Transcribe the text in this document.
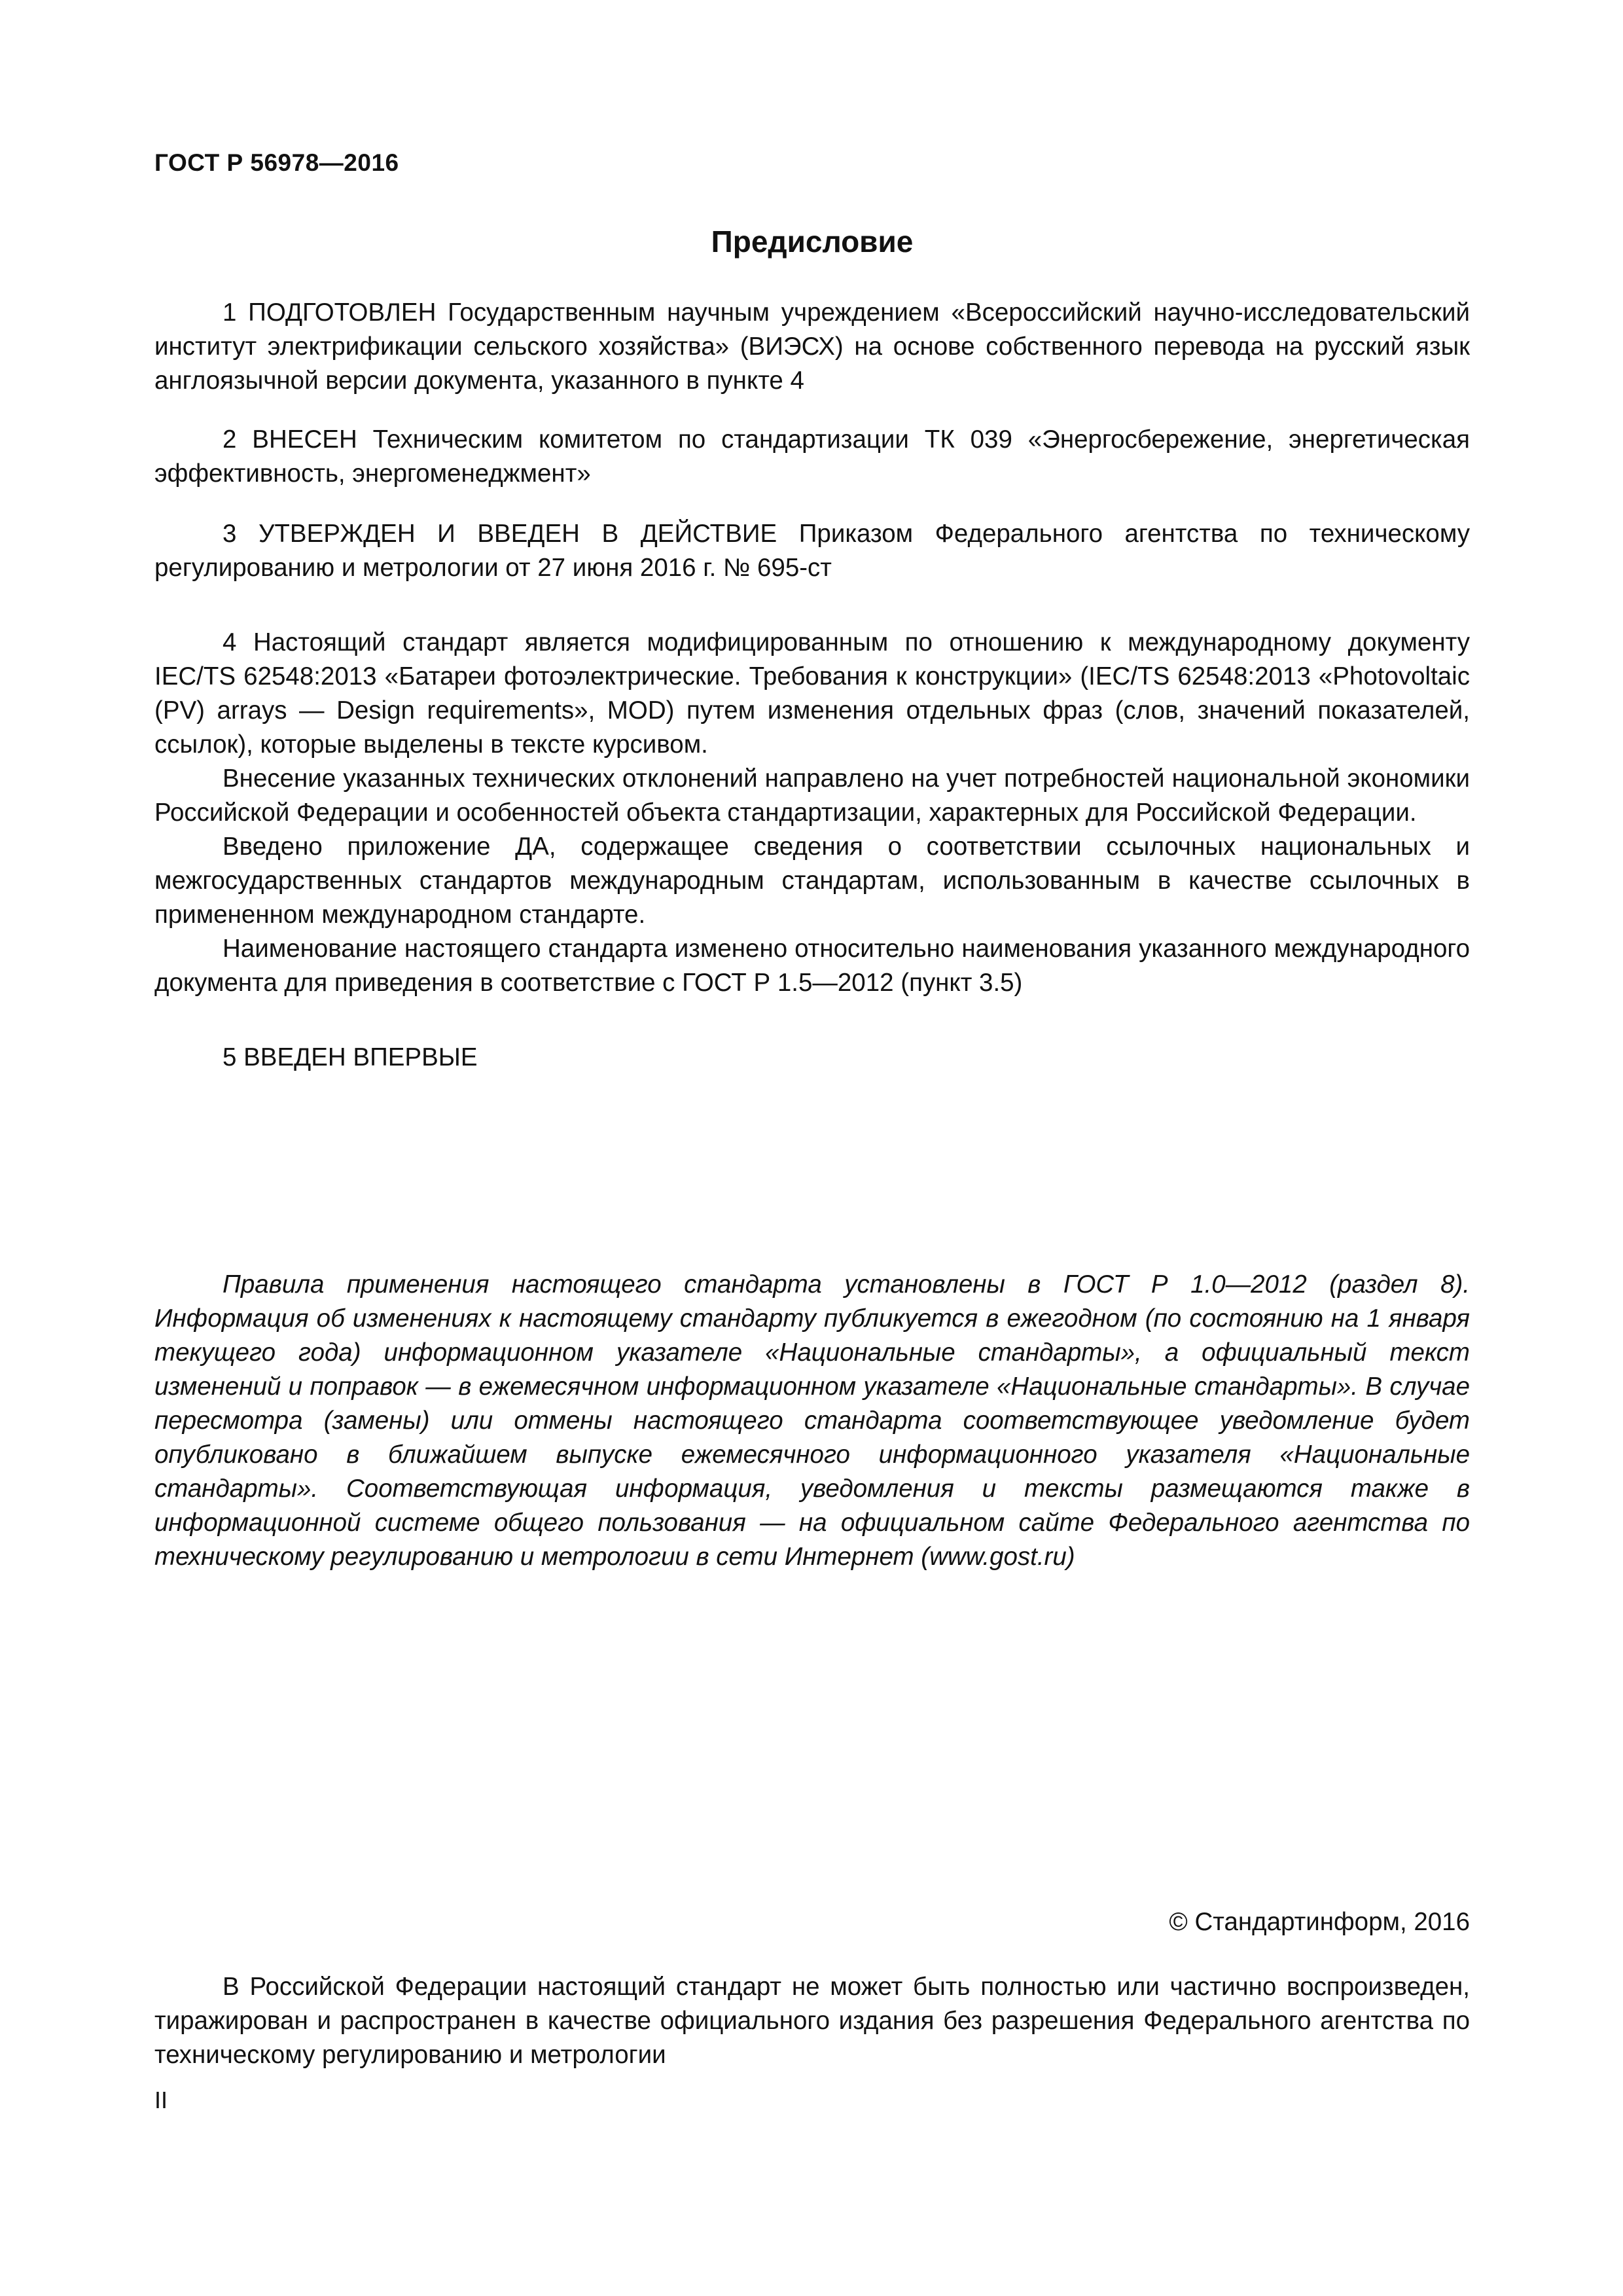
ГОСТ Р 56978—2016
Предисловие

1 ПОДГОТОВЛЕН Государственным научным учреждением «Всероссийский научно-исследовательский институт электрификации сельского хозяйства» (ВИЭСХ) на основе собственного перевода на русский язык англоязычной версии документа, указанного в пункте 4

2 ВНЕСЕН Техническим комитетом по стандартизации ТК 039 «Энергосбережение, энергетическая эффективность, энергоменеджмент»

3 УТВЕРЖДЕН И ВВЕДЕН В ДЕЙСТВИЕ Приказом Федерального агентства по техническому регулированию и метрологии от 27 июня 2016 г. № 695-ст

4 Настоящий стандарт является модифицированным по отношению к международному документу IEC/TS 62548:2013 «Батареи фотоэлектрические. Требования к конструкции» (IEC/TS 62548:2013 «Photovoltaic (PV) arrays — Design requirements», MOD) путем изменения отдельных фраз (слов, значений показателей, ссылок), которые выделены в тексте курсивом.

Внесение указанных технических отклонений направлено на учет потребностей национальной экономики Российской Федерации и особенностей объекта стандартизации, характерных для Российской Федерации.

Введено приложение ДА, содержащее сведения о соответствии ссылочных национальных и межгосударственных стандартов международным стандартам, использованным в качестве ссылочных в примененном международном стандарте.

Наименование настоящего стандарта изменено относительно наименования указанного международного документа для приведения в соответствие с ГОСТ Р 1.5—2012 (пункт 3.5)

5 ВВЕДЕН ВПЕРВЫЕ

Правила применения настоящего стандарта установлены в ГОСТ Р 1.0—2012 (раздел 8). Информация об изменениях к настоящему стандарту публикуется в ежегодном (по состоянию на 1 января текущего года) информационном указателе «Национальные стандарты», а официальный текст изменений и поправок — в ежемесячном информационном указателе «Национальные стандарты». В случае пересмотра (замены) или отмены настоящего стандарта соответствующее уведомление будет опубликовано в ближайшем выпуске ежемесячного информационного указателя «Национальные стандарты». Соответствующая информация, уведомления и тексты размещаются также в информационной системе общего пользования — на официальном сайте Федерального агентства по техническому регулированию и метрологии в сети Интернет (www.gost.ru)

© Стандартинформ, 2016

В Российской Федерации настоящий стандарт не может быть полностью или частично воспроизведен, тиражирован и распространен в качестве официального издания без разрешения Федерального агентства по техническому регулированию и метрологии

II
